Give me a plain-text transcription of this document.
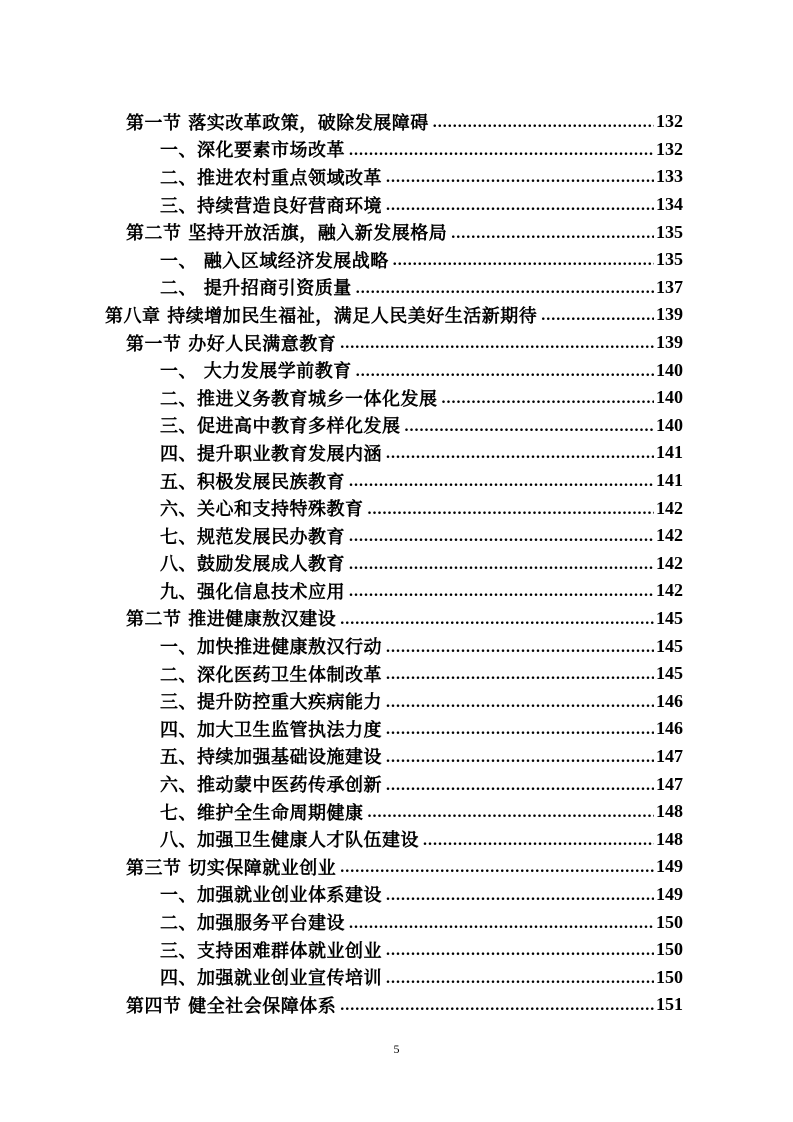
第一节 落实改革政策，破除发展障碍 .....	132
一、深化要素市场改革 .....	132
二、推进农村重点领域改革 .....	133
三、持续营造良好营商环境 .....	134
第二节 坚持开放活旗，融入新发展格局 .....	135
一、 融入区域经济发展战略 .....	135
二、 提升招商引资质量 .....	137
第八章 持续增加民生福祉，满足人民美好生活新期待 .....	139
第一节 办好人民满意教育 .....	139
一、 大力发展学前教育 .....	140
二、推进义务教育城乡一体化发展 .....	140
三、促进高中教育多样化发展 .....	140
四、提升职业教育发展内涵 .....	141
五、积极发展民族教育 .....	141
六、关心和支持特殊教育 .....	142
七、规范发展民办教育 .....	142
八、鼓励发展成人教育 .....	142
九、强化信息技术应用 .....	142
第二节 推进健康敖汉建设 .....	145
一、加快推进健康敖汉行动 .....	145
二、深化医药卫生体制改革 .....	145
三、提升防控重大疾病能力 .....	146
四、加大卫生监管执法力度 .....	146
五、持续加强基础设施建设 .....	147
六、推动蒙中医药传承创新 .....	147
七、维护全生命周期健康 .....	148
八、加强卫生健康人才队伍建设 .....	148
第三节 切实保障就业创业 .....	149
一、加强就业创业体系建设 .....	149
二、加强服务平台建设 .....	150
三、支持困难群体就业创业 .....	150
四、加强就业创业宣传培训 .....	150
第四节 健全社会保障体系 .....	151
5
